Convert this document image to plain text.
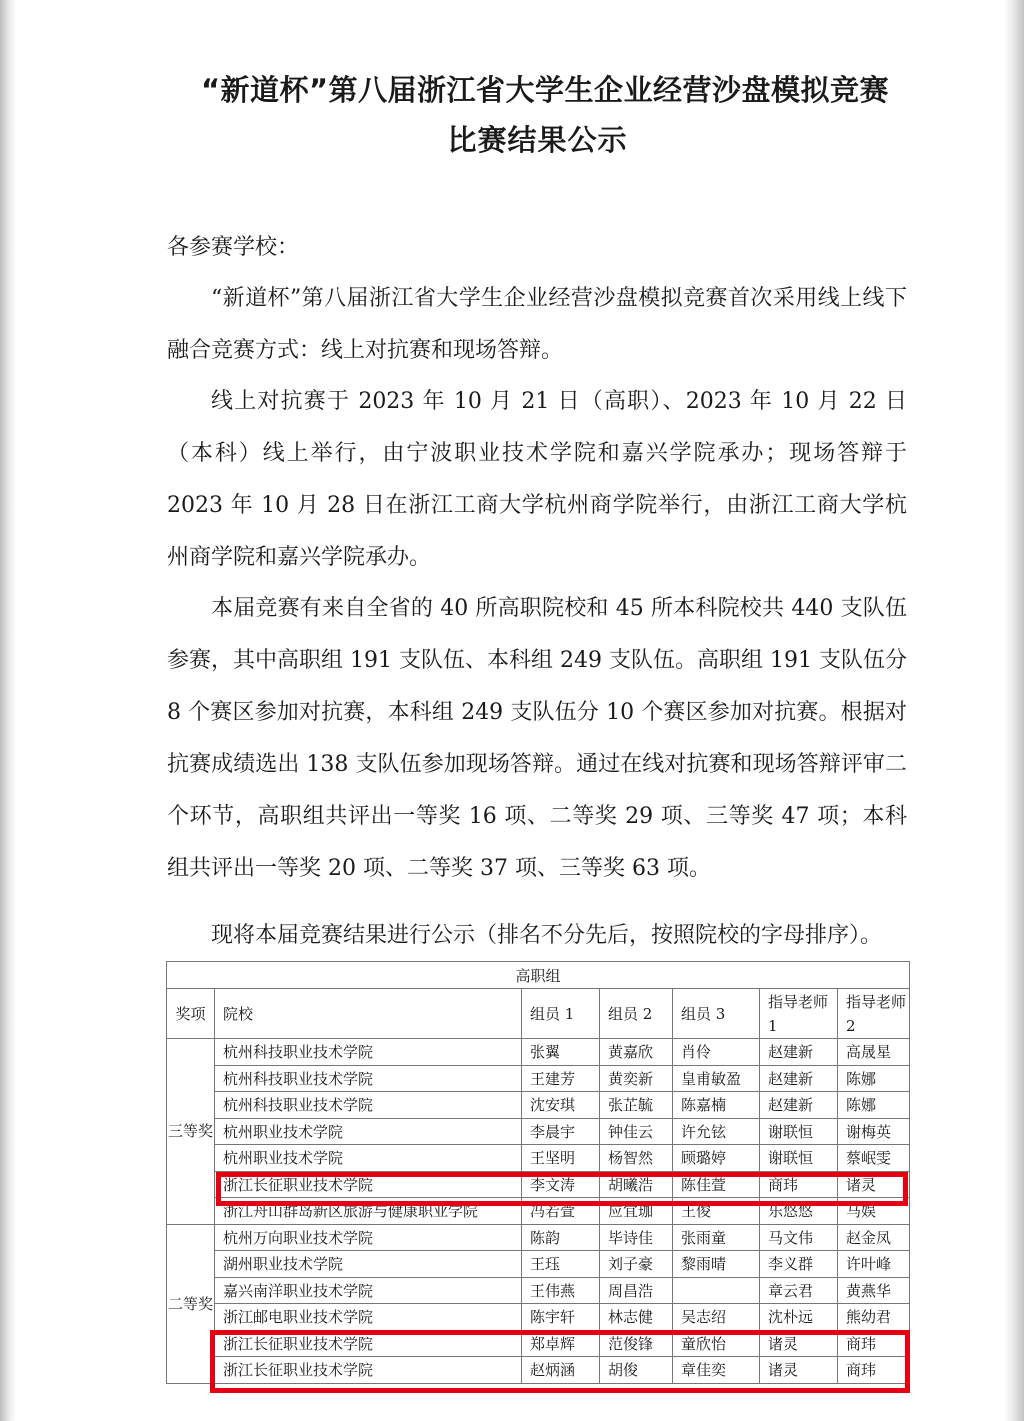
“新道杯”第八届浙江省大学生企业经营沙盘模拟竞赛
比赛结果公示
各参赛学校：

“新道杯”第八届浙江省大学生企业经营沙盘模拟竞赛首次采用线上线下融合竞赛方式：线上对抗赛和现场答辩。

线上对抗赛于 2023 年 10 月 21 日（高职）、2023 年 10 月 22 日（本科）线上举行，由宁波职业技术学院和嘉兴学院承办；现场答辩于 2023 年 10 月 28 日在浙江工商大学杭州商学院举行，由浙江工商大学杭州商学院和嘉兴学院承办。

本届竞赛有来自全省的 40 所高职院校和 45 所本科院校共 440 支队伍参赛，其中高职组 191 支队伍、本科组 249 支队伍。高职组 191 支队伍分 8 个赛区参加对抗赛，本科组 249 支队伍分 10 个赛区参加对抗赛。根据对抗赛成绩选出 138 支队伍参加现场答辩。通过在线对抗赛和现场答辩评审二个环节，高职组共评出一等奖 16 项、二等奖 29 项、三等奖 47 项；本科组共评出一等奖 20 项、二等奖 37 项、三等奖 63 项。

现将本届竞赛结果进行公示（排名不分先后，按照院校的字母排序）。

高职组						
奖项	院校	组员 1	组员 2	组员 3	指导老师 1	指导老师 2
三等奖	杭州科技职业技术学院	张翼	黄嘉欣	肖伶	赵建新	高晟星
	杭州科技职业技术学院	王建芳	黄奕新	皇甫敏盈	赵建新	陈娜
	杭州科技职业技术学院	沈安琪	张芷毓	陈嘉楠	赵建新	陈娜
	杭州职业技术学院	李晨宇	钟佳云	许允铉	谢联恒	谢梅英
	杭州职业技术学院	王坚明	杨智然	顾璐婷	谢联恒	蔡岷雯
	浙江长征职业技术学院	李文涛	胡曦浩	陈佳萱	商玮	诸灵
	浙江舟山群岛新区旅游与健康职业学院	冯若萱	应宜珈	王俊	乐悠悠	马娱
二等奖	杭州万向职业技术学院	陈韵	毕诗佳	张雨童	马文伟	赵金凤
	湖州职业技术学院	王珏	刘子豪	黎雨晴	李义群	许叶峰
	嘉兴南洋职业技术学院	王伟燕	周昌浩		章云君	黄燕华
	浙江邮电职业技术学院	陈宇轩	林志健	吴志绍	沈朴远	熊幼君
	浙江长征职业技术学院	郑卓辉	范俊锋	童欣怡	诸灵	商玮
	浙江长征职业技术学院	赵炳涵	胡俊	章佳奕	诸灵	商玮
